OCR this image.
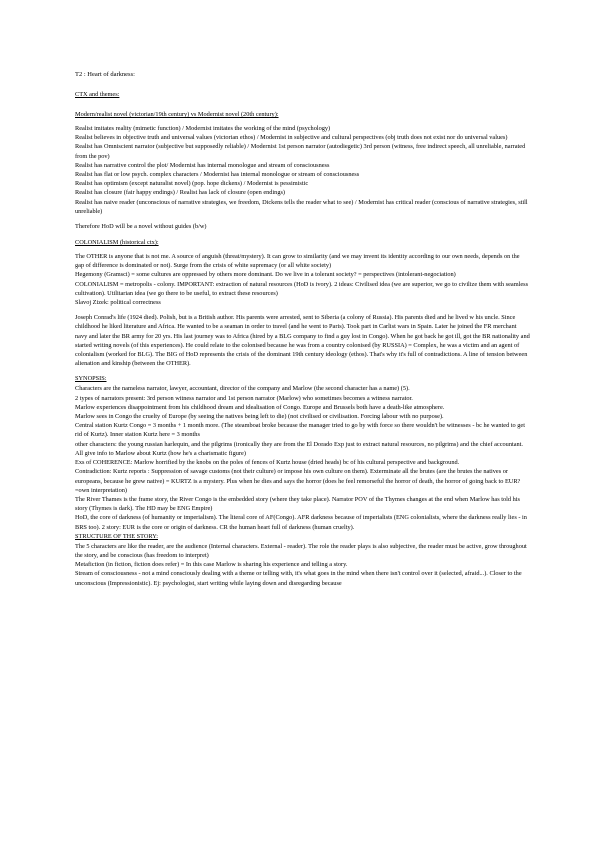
T2 : Heart of darkness:
CTX and themes:
Modern/realist novel (victorian/19th century) vs Modernist novel (20th century):
Realist imitates reality (mimetic function) / Modernist imitates the working of the mind (psychology)
Realist believes in objective truth and universal values (victorian ethos) / Modernist in subjective and cultural perspectives (obj truth does not exist nor do universal values)
Realist has Omniscient narrator (subjective but supposedly reliable) / Modernist 1st person narrator (autodiegetic) 3rd person (witness, free indirect speech, all unreliable, narrated from the pov)
Realist has narrative control the plot/ Modernist has internal monologue and stream of consciousness
Realist has flat or low psych. complex characters / Modernist has internal monologue or stream of consciousness
Realist has optimism (except naturalist novel) (pop. hope dickens) / Modernist is pessimistic
Realist has closure (fair happy endings) / Realist has lack of closure (open endings)
Realist has naive reader (unconscious of narrative strategies, we freedom, Dickens tells the reader what to see) / Modernist has critical reader (conscious of narrative strategies, still unreliable)
Therefore HoD will be a novel without guides (b/w)
COLONIALISM (historical ctx):
The OTHER is anyone that is not me. A source of anguish (threat/mystery). It can grow to similarity (and we may invent its identity according to our own needs, depends on the gap of difference is dominated or not). Surge from the crisis of white supremacy (or all white society)
Hegemony (Gramsci) = some cultures are oppressed by others more dominant. Do we live in a tolerant society? = perspectives (intolerant-negociation)
COLONIALISM = metropolis - colony. IMPORTANT: extraction of natural resources (HoD is ivory). 2 ideas: Civilised idea (we are superior, we go to civilize them with seamless cultivation). Utilitarian idea (we go there to be useful, to extract these resources)
Slavoj Zizek: political correctness
Joseph Conrad's life (1924 died). Polish, but is a British author. His parents were arrested, sent to Siberia (a colony of Russia). His parents died and he lived w his uncle. Since childhood he liked literature and Africa. He wanted to be a seaman in order to travel (and he went to Paris). Took part in Carlist wars in Spain. Later he joined the FR merchant navy and later the BR army for 20 yrs. His last journey was to Africa (hired by a BLG company to find a guy lost in Congo). When he got back he got ill, got the BR nationality and started writing novels (of this experiences). He could relate to the colonised because he was from a country colonised (by RUSSIA) = Complex, he was a victim and an agent of colonialism (worked for BLG). The BIG of HoD represents the crisis of the dominant 19th century ideology (ethos). That's why it's full of contradictions. A line of tension between alienation and kinship (between the OTHER).
SYNOPSIS:
Characters are the nameless narrator, lawyer, accountant, director of the company and Marlow (the second character has a name) (5).
2 types of narrators present: 3rd person witness narrator and 1st person narrator (Marlow) who sometimes becomes a witness narrator.
Marlow experiences disappointment from his childhood dream and idealisation of Congo. Europe and Brussels both have a death-like atmosphere.
Marlow sees in Congo the cruelty of Europe (by seeing the natives being left to die) (not civilised or civilisation. Forcing labour with no purpose).
Central station Kurtz Congo = 3 months + 1 month more. (The steamboat broke because the manager tried to go by with force so there wouldn't be witnesses - bc he wanted to get rid of Kurtz). Inner station Kurtz here = 3 months
other characters: the young russian harlequin, and the pilgrims (ironically they are from the El Dorado Exp just to extract natural resources, no pilgrims) and the chief accountant. All give info to Marlow about Kurtz (how he's a charismatic figure)
Exs of COHERENCE: Marlow horrified by the knobs on the poles of fences of Kurtz house (dried heads) bc of his cultural perspective and background.
Contradiction: Kurtz reports : Suppression of savage customs (not their culture) or impose his own culture on them). Exterminate all the brutes (are the brutes the natives or europeans, because he grew native) = KURTZ is a mystery. Plus when he dies and says the horror (does he feel remorseful the horror of death, the horror of going back to EUR?=own interpretation)
The River Thames is the frame story, the River Congo is the embedded story (where they take place). Narrator POV of the Thymes changes at the end when Marlow has told his story (Thymes is dark). The HD may be ENG Empire)
HoD, the core of darkness (of humanity or imperialism). The literal core of AF(Congo). AFR darkness because of imperialists (ENG colonialists, where the darkness really lies - in BRS too). 2 story: EUR is the core or origin of darkness. CR the human heart full of darkness (human cruelty).
STRUCTURE OF THE STORY:
The 5 characters are like the reader, are the audience (Internal characters. External - reader). The role the reader plays is also subjective, the reader must be active, grow throughout the story, and be conscious (has freedom to interpret)
Metafiction (in fiction, fiction does refer) = In this case Marlow is sharing his experience and telling a story.
Stream of consciousness - not a mind consciously dealing with a theme or telling with, it's what goes in the mind when there isn't control over it (selected, afraid...). Closer to the unconscious (Impressionistic). Ej: psychologist, start writing while laying down and disregarding because
